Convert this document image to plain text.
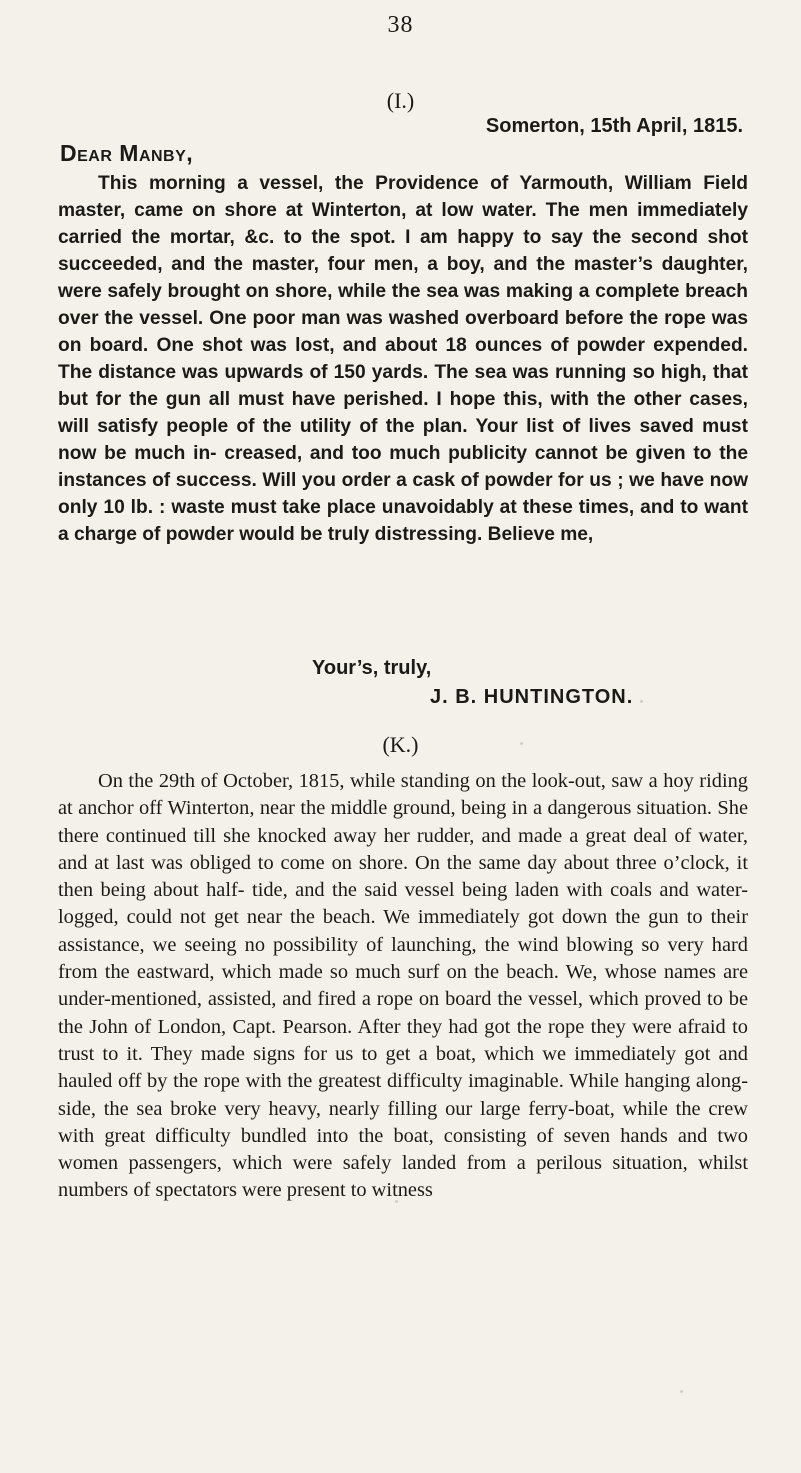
38
(I.)
Somerton, 15th April, 1815.
Dear Manby,
This morning a vessel, the Providence of Yarmouth, William Field master, came on shore at Winterton, at low water. The men immediately carried the mortar, &c. to the spot. I am happy to say the second shot succeeded, and the master, four men, a boy, and the master’s daughter, were safely brought on shore, while the sea was making a complete breach over the vessel. One poor man was washed overboard before the rope was on board. One shot was lost, and about 18 ounces of powder expended. The distance was upwards of 150 yards. The sea was running so high, that but for the gun all must have perished. I hope this, with the other cases, will satisfy people of the utility of the plan. Your list of lives saved must now be much in- creased, and too much publicity cannot be given to the instances of success. Will you order a cask of powder for us ; we have now only 10 lb. : waste must take place unavoidably at these times, and to want a charge of powder would be truly distressing. Believe me,
Your’s, truly,
J. B. HUNTINGTON.
(K.)
On the 29th of October, 1815, while standing on the look-out, saw a hoy riding at anchor off Winterton, near the middle ground, being in a dangerous situation. She there continued till she knocked away her rudder, and made a great deal of water, and at last was obliged to come on shore. On the same day about three o’clock, it then being about half- tide, and the said vessel being laden with coals and water-logged, could not get near the beach. We immediately got down the gun to their assistance, we seeing no possibility of launching, the wind blowing so very hard from the eastward, which made so much surf on the beach. We, whose names are under-mentioned, assisted, and fired a rope on board the vessel, which proved to be the John of London, Capt. Pearson. After they had got the rope they were afraid to trust to it. They made signs for us to get a boat, which we immediately got and hauled off by the rope with the greatest difficulty imaginable. While hanging along- side, the sea broke very heavy, nearly filling our large ferry-boat, while the crew with great difficulty bundled into the boat, consisting of seven hands and two women passengers, which were safely landed from a perilous situation, whilst numbers of spectators were present to witness
